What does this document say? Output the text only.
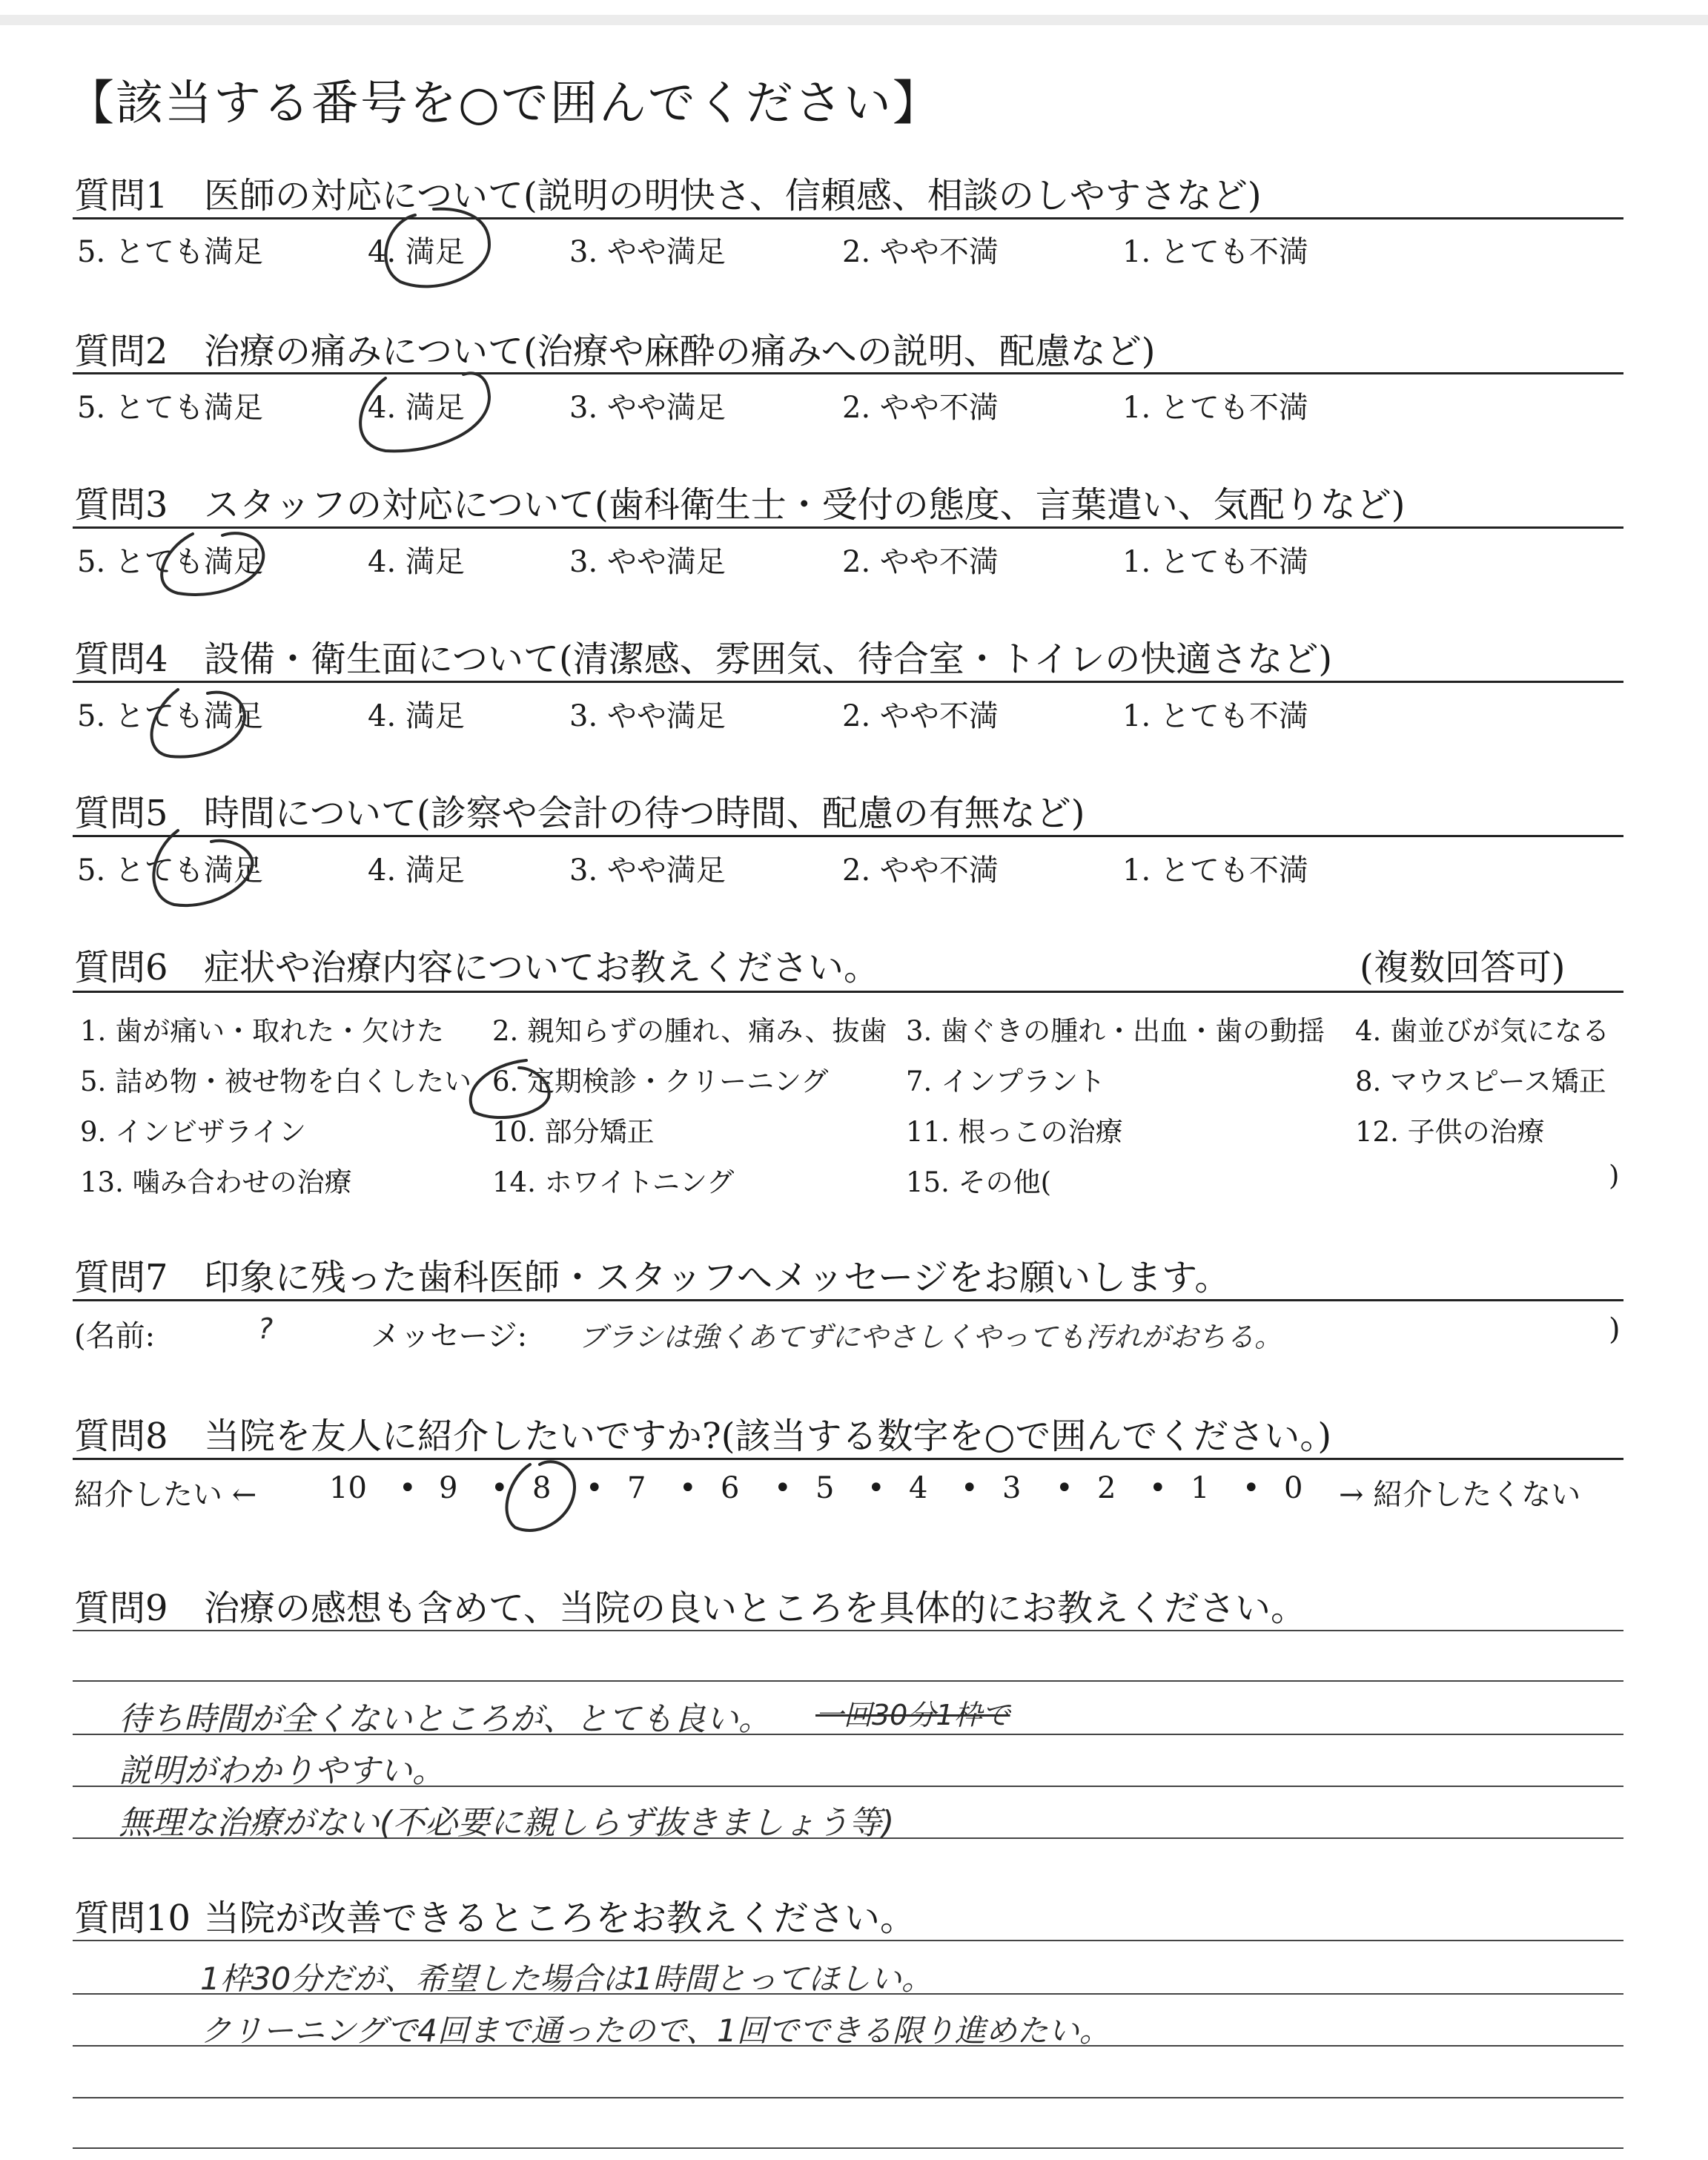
【該当する番号を○で囲んでください】
質問1 医師の対応について(説明の明快さ、信頼感、相談のしやすさなど)
5. とても満足	4. 満足	3. やや満足	2. やや不満	1. とても不満
質問2 治療の痛みについて(治療や麻酔の痛みへの説明、配慮など)
5. とても満足	4. 満足	3. やや満足	2. やや不満	1. とても不満
質問3 スタッフの対応について(歯科衛生士・受付の態度、言葉遣い、気配りなど)
5. とても満足	4. 満足	3. やや満足	2. やや不満	1. とても不満
質問4 設備・衛生面について(清潔感、雰囲気、待合室・トイレの快適さなど)
5. とても満足	4. 満足	3. やや満足	2. やや不満	1. とても不満
質問5 時間について(診察や会計の待つ時間、配慮の有無など)
5. とても満足	4. 満足	3. やや満足	2. やや不満	1. とても不満
質問6 症状や治療内容についてお教えください。	(複数回答可)
1. 歯が痛い・取れた・欠けた 2. 親知らずの腫れ、痛み、抜歯 3. 歯ぐきの腫れ・出血・歯の動揺 4. 歯並びが気になる
5. 詰め物・被せ物を白くしたい 6. 定期検診・クリーニング	7. インプラント	8. マウスピース矯正
9. インビザライン	10. 部分矯正	11. 根っこの治療	12. 子供の治療
13. 噛み合わせの治療	14. ホワイトニング	15. その他(	)
質問7 印象に残った歯科医師・スタッフへメッセージをお願いします。
(名前:	?	メッセージ: ブラシは強くあてずにやさしくやっても汚れがおちる。	)
質問8 当院を友人に紹介したいですか?(該当する数字を○で囲んでください。)
紹介したい ← 10 • 9 • 8 • 7 • 6 • 5 • 4 • 3 • 2 • 1 • 0 → 紹介したくない
質問9 治療の感想も含めて、当院の良いところを具体的にお教えください。
待ち時間が全くないところが、とても良い。 一回30分1枠で
説明がわかりやすい。
無理な治療がない(不必要に親しらず抜きましょう等)
質問10 当院が改善できるところをお教えください。
1枠30分だが、希望した場合は1時間とってほしい。
クリーニングで4回まで通ったので、1回でできる限り進めたい。
